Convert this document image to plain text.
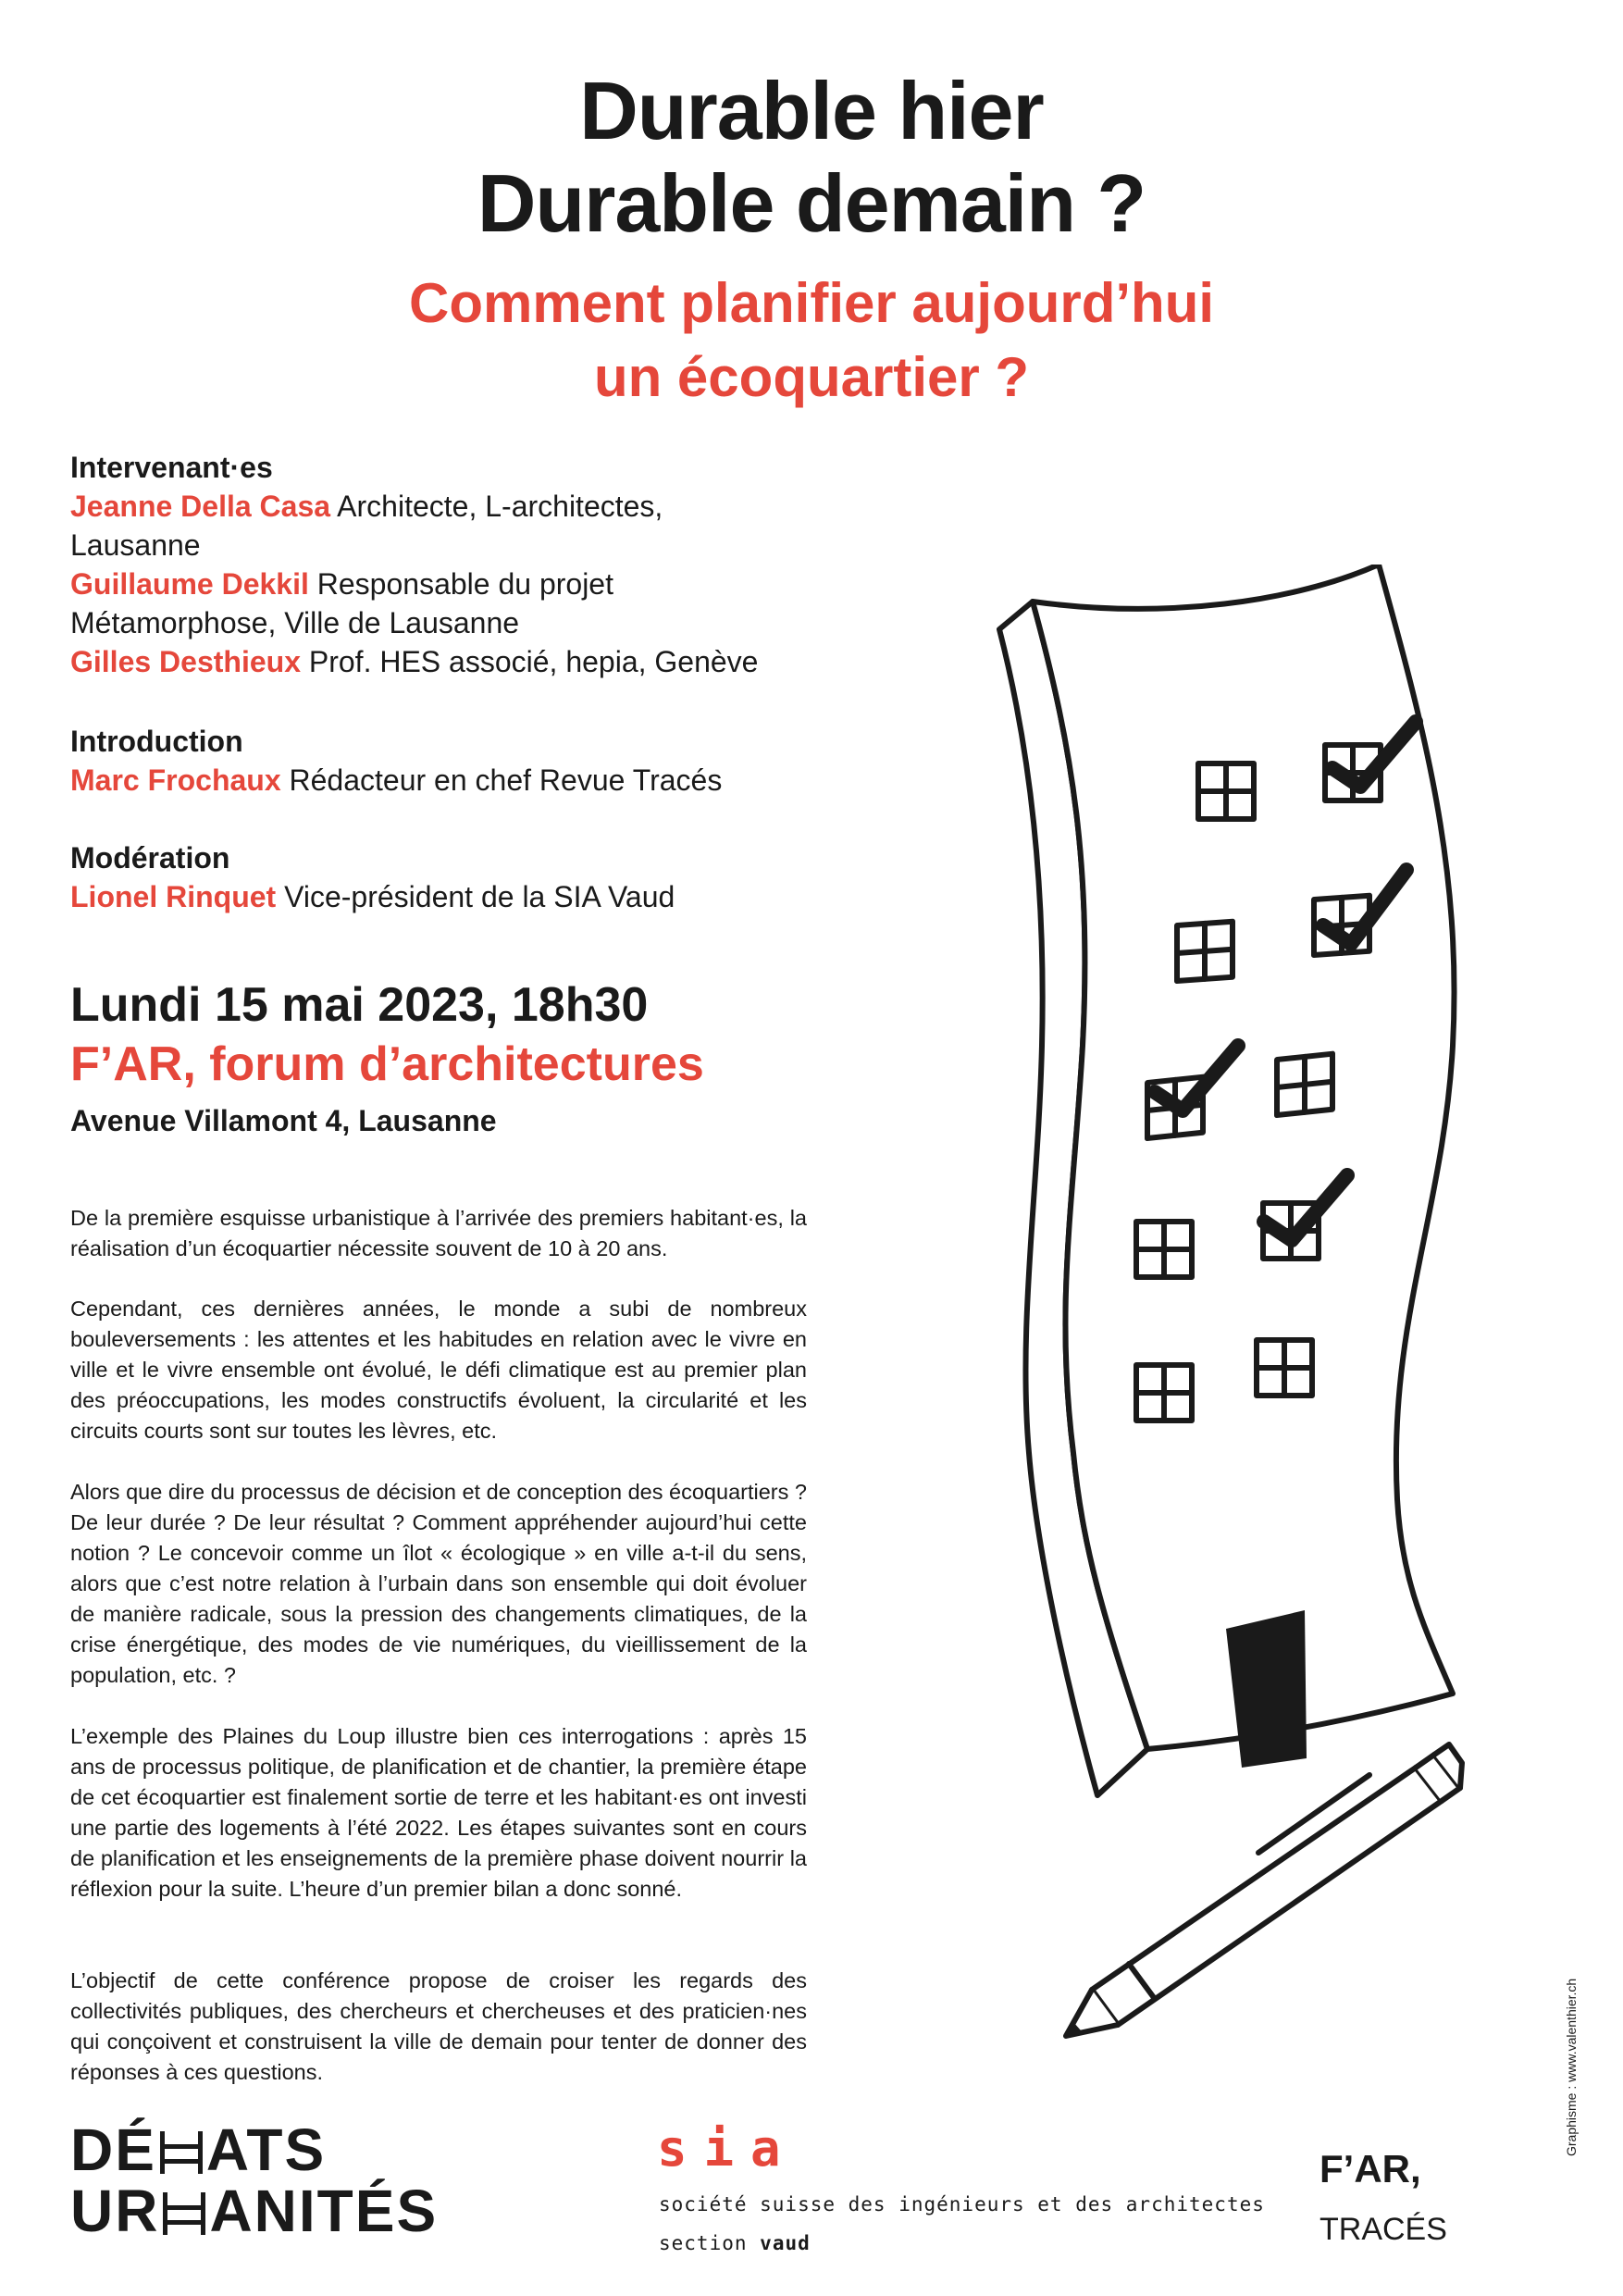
Durable hier
Durable demain ?
Comment planifier aujourd’hui
un écoquartier ?
Intervenant·es
Jeanne Della Casa Architecte, L-architectes,
Lausanne
Guillaume Dekkil Responsable du projet
Métamorphose, Ville de Lausanne
Gilles Desthieux Prof. HES associé, hepia, Genève
Introduction
Marc Frochaux Rédacteur en chef Revue Tracés
Modération
Lionel Rinquet Vice-président de la SIA Vaud
Lundi 15 mai 2023, 18h30
F’AR, forum d’architectures
Avenue Villamont 4, Lausanne

De la première esquisse urbanistique à l’arrivée des premiers habitant·es, la réalisation d’un écoquartier nécessite souvent de 10 à 20 ans.

Cependant, ces dernières années, le monde a subi de nombreux bouleversements : les attentes et les habitudes en relation avec le vivre en ville et le vivre ensemble ont évolué, le défi climatique est au premier plan des préoccupations, les modes constructifs évoluent, la circularité et les circuits courts sont sur toutes les lèvres, etc.

Alors que dire du processus de décision et de conception des écoquartiers ? De leur durée ? De leur résultat ? Comment appréhender aujourd’hui cette notion ? Le concevoir comme un îlot « écologique » en ville a-t-il du sens, alors que c’est notre relation à l’urbain dans son ensemble qui doit évoluer de manière radicale, sous la pression des changements climatiques, de la crise énergétique, des modes de vie numériques, du vieillissement de la population, etc. ?

L’exemple des Plaines du Loup illustre bien ces interrogations : après 15 ans de processus politique, de planification et de chantier, la première étape de cet écoquartier est finalement sortie de terre et les habitant·es ont investi une partie des logements à l’été 2022. Les étapes suivantes sont en cours de planification et les enseignements de la première phase doivent nourrir la réflexion pour la suite. L’heure d’un premier bilan a donc sonné.

L’objectif de cette conférence propose de croiser les regards des collectivités publiques, des chercheurs et chercheuses et des praticien·nes qui conçoivent et construisent la ville de demain pour tenter de donner des réponses à ces questions.	Graphisme : www.valenthier.ch
DÉ ATS
UR ANITÉS
sia
société suisse des ingénieurs et des architectes
section vaud
F’AR,
TRACÉS
